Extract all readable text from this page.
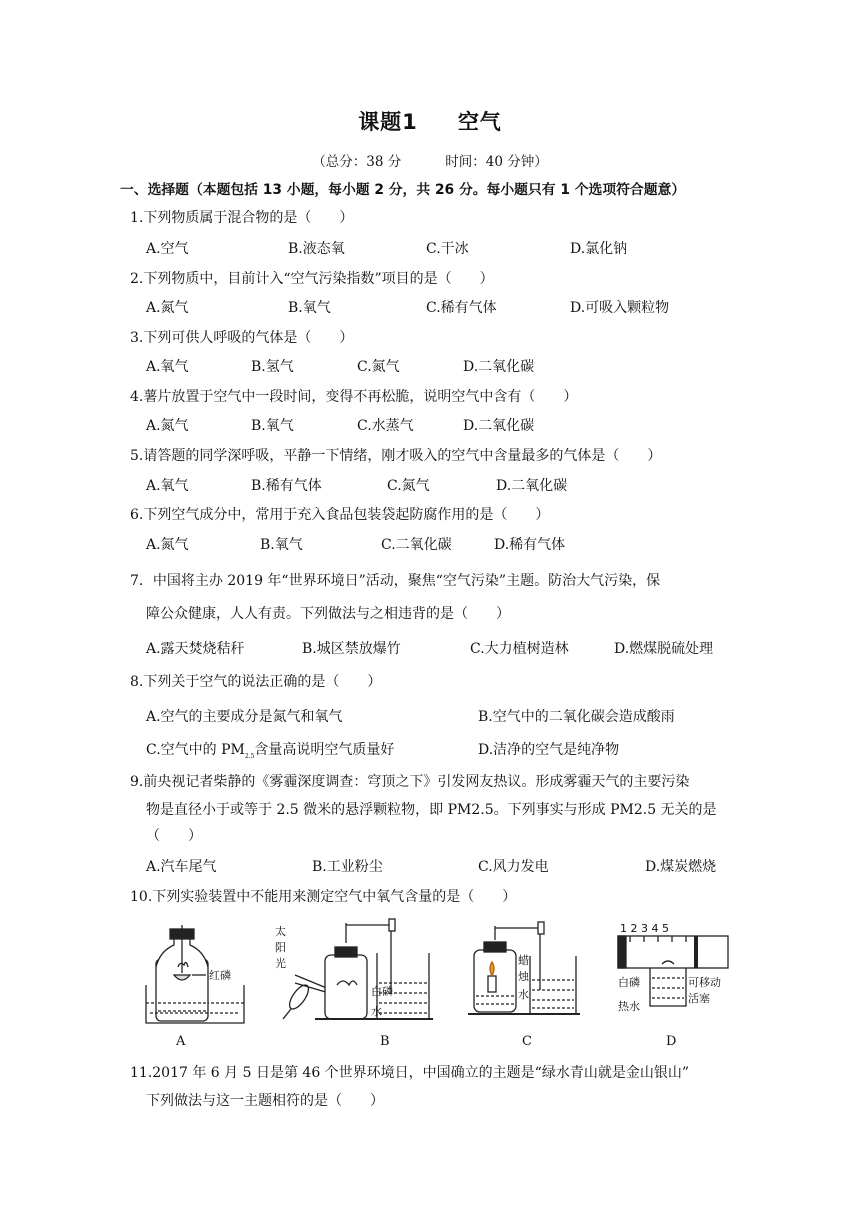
课题1 空气
（总分：38 分	时间：40 分钟）
一、选择题（本题包括 13 小题，每小题 2 分，共 26 分。每小题只有 1 个选项符合题意）
1.下列物质属于混合物的是（　　）
A.空气	B.液态氧	C.干冰	D.氯化钠
2.下列物质中，目前计入“空气污染指数”项目的是（　　）
A.氮气	B.氧气	C.稀有气体	D.可吸入颗粒物
3.下列可供人呼吸的气体是（　　）
A.氧气	B.氢气	C.氮气	D.二氧化碳
4.薯片放置于空气中一段时间，变得不再松脆，说明空气中含有（　　）
A.氮气	B.氧气	C.水蒸气	D.二氧化碳
5.请答题的同学深呼吸，平静一下情绪，刚才吸入的空气中含量最多的气体是（　　）
A.氧气	B.稀有气体	C.氮气	D.二氧化碳
6.下列空气成分中，常用于充入食品包装袋起防腐作用的是（　　）
A.氮气	B.氧气	C.二氧化碳	D.稀有气体
7．中国将主办 2019 年“世界环境日”活动，聚焦“空气污染”主题。防治大气污染，保
障公众健康，人人有责。下列做法与之相违背的是（　　）
A.露天焚烧秸秆	B.城区禁放爆竹	C.大力植树造林	D.燃煤脱硫处理
8.下列关于空气的说法正确的是（　　）
A.空气的主要成分是氮气和氧气	B.空气中的二氧化碳会造成酸雨
C.空气中的 $PM_{2.5}$含量高说明空气质量好	D.洁净的空气是纯净物
9.前央视记者柴静的《雾霾深度调查：穹顶之下》引发网友热议。形成雾霾天气的主要污染
物是直径小于或等于 2.5 微米的悬浮颗粒物，即 PM2.5。下列事实与形成 PM2.5 无关的是
（　　）
A.汽车尾气	B.工业粉尘	C.风力发电	D.煤炭燃烧
10.下列实验装置中不能用来测定空气中氧气含量的是（　　）
红磷
A
太
阳
光
白磷
水
B
蜡
烛
水
C
1 2 3 4 5
白磷
热水
可移动
活塞
D
11.2017 年 6 月 5 日是第 46 个世界环境日，中国确立的主题是“绿水青山就是金山银山”
下列做法与这一主题相符的是（　　）
